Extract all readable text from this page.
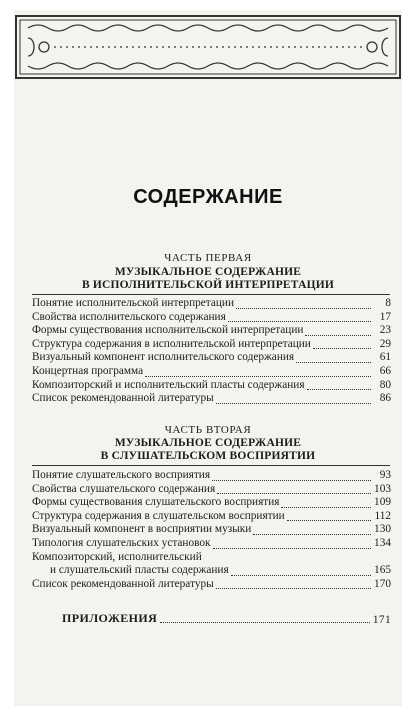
СОДЕРЖАНИЕ
ЧАСТЬ ПЕРВАЯ
МУЗЫКАЛЬНОЕ СОДЕРЖАНИЕ
В ИСПОЛНИТЕЛЬСКОЙ ИНТЕРПРЕТАЦИИ
Понятие исполнительской интерпретации	8
Свойства исполнительского содержания	17
Формы существования исполнительской интерпретации	23
Структура содержания в исполнительской интерпретации	29
Визуальный компонент исполнительского содержания	61
Концертная программа	66
Композиторский и исполнительский пласты содержания	80
Список рекомендованной литературы	86
ЧАСТЬ ВТОРАЯ
МУЗЫКАЛЬНОЕ СОДЕРЖАНИЕ
В СЛУШАТЕЛЬСКОМ ВОСПРИЯТИИ
Понятие слушательского восприятия	93
Свойства слушательского содержания	103
Формы существования слушательского восприятия	109
Структура содержания в слушательском восприятии	112
Визуальный компонент в восприятии музыки	130
Типология слушательских установок	134
Композиторский, исполнительский
и слушательский пласты содержания	165
Список рекомендованной литературы	170
ПРИЛОЖЕНИЯ	171
